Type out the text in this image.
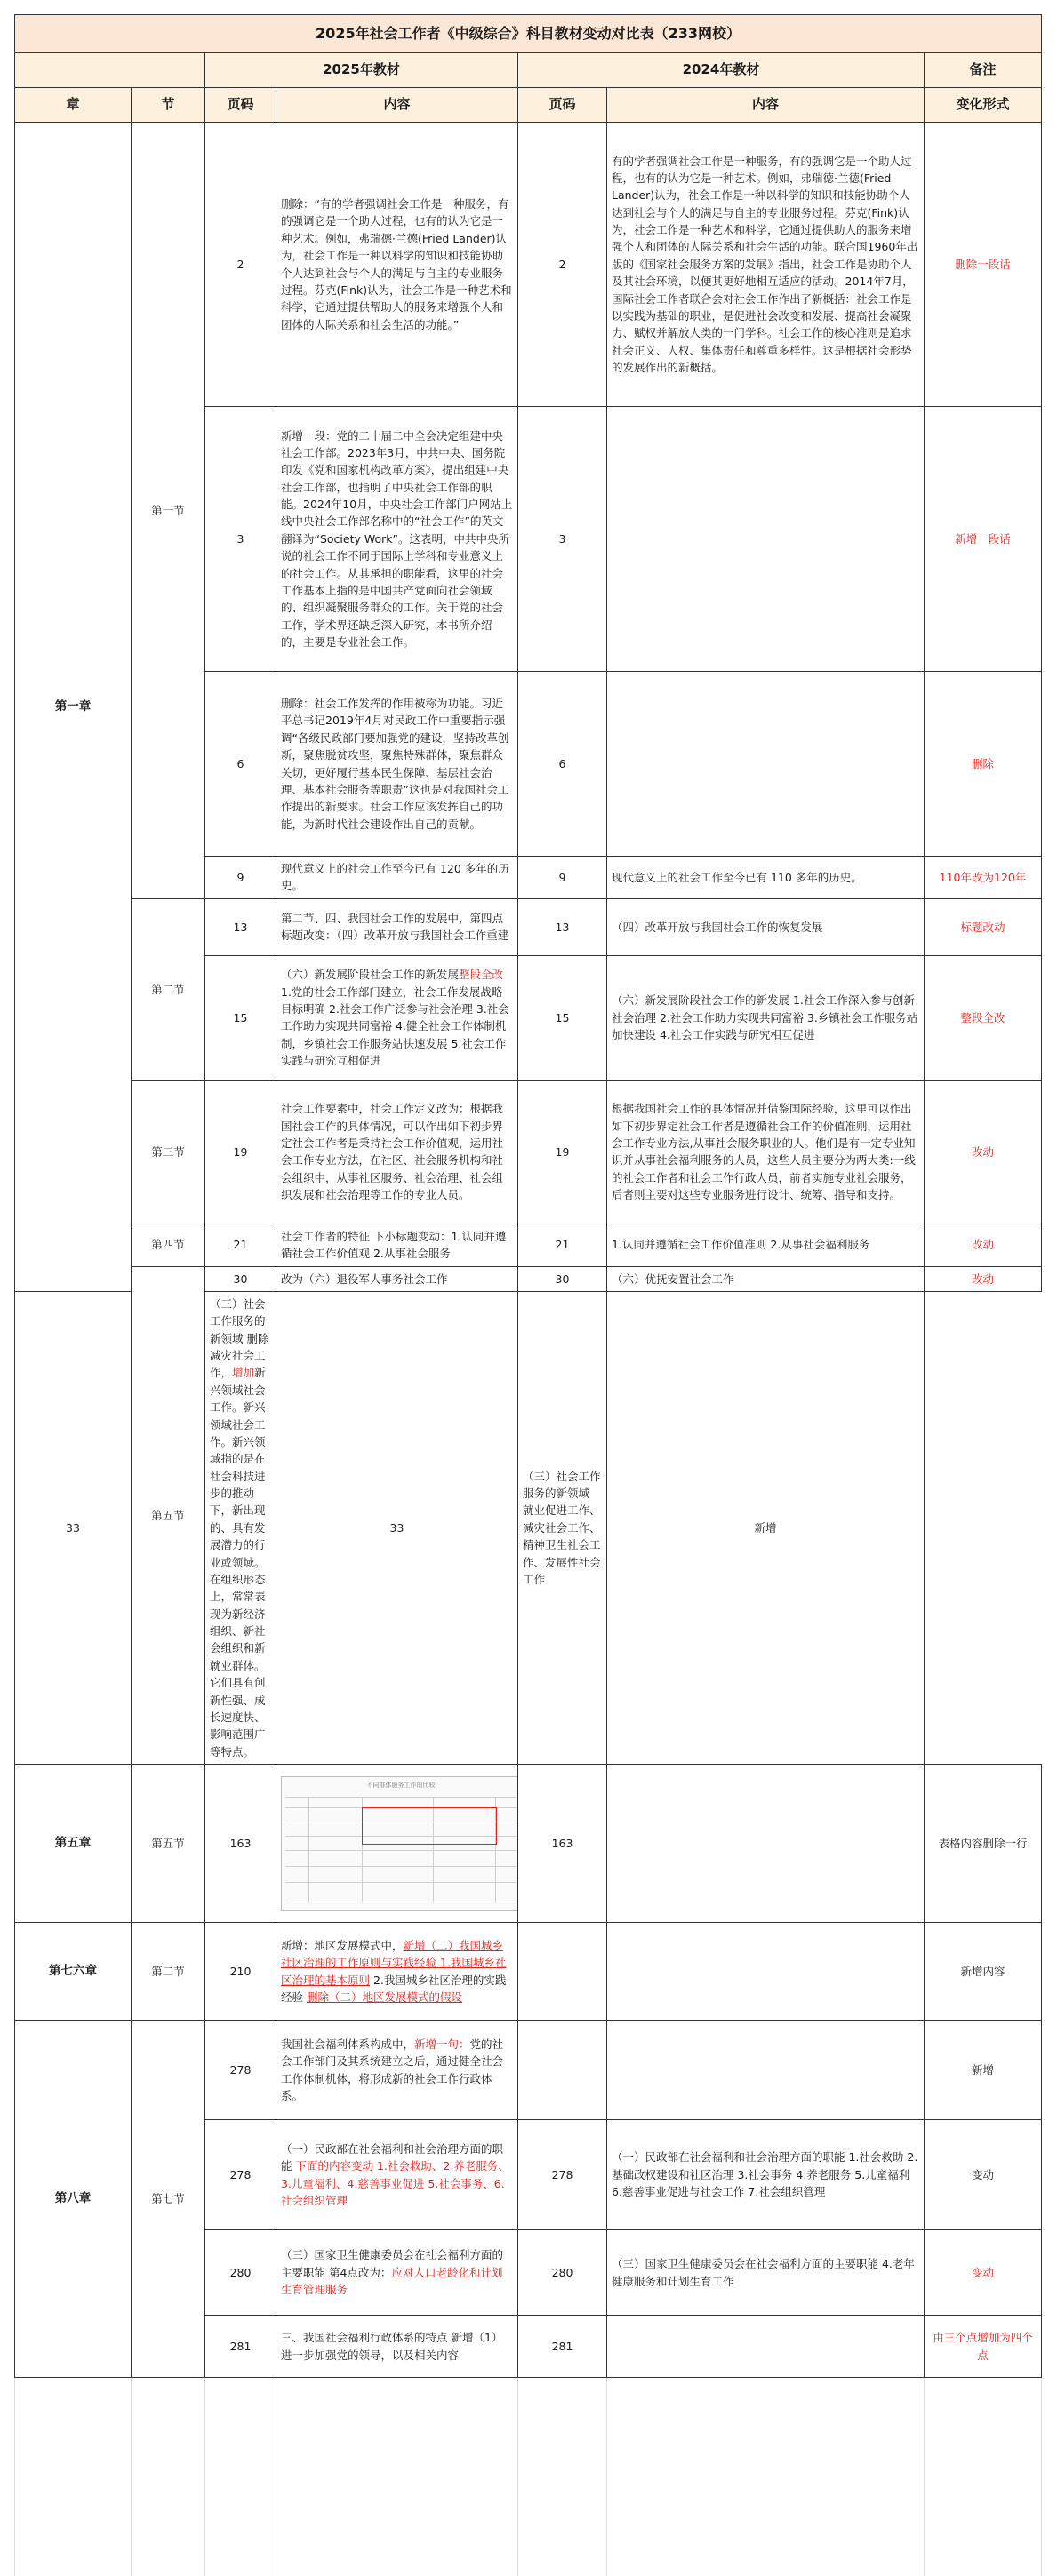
2025年社会工作者《中级综合》科目教材变动对比表（233网校）						
		2025年教材		2024年教材		备注
章	节	页码	内容	页码	内容	变化形式
第一章	第一节	2	删除：“有的学者强调社会工作是一种服务，有的强调它是一个助人过程，也有的认为它是一种艺术。例如，弗瑞德·兰德(Fried Lander)认为，社会工作是一种以科学的知识和技能协助个人达到社会与个人的满足与自主的专业服务过程。芬克(Fink)认为，社会工作是一种艺术和科学，它通过提供帮助人的服务来增强个人和团体的人际关系和社会生活的功能。”	2	有的学者强调社会工作是一种服务，有的强调它是一个助人过程，也有的认为它是一种艺术。例如，弗瑞德·兰德(Fried Lander)认为，社会工作是一种以科学的知识和技能协助个人达到社会与个人的满足与自主的专业服务过程。芬克(Fink)认为，社会工作是一种艺术和科学，它通过提供助人的服务来增强个人和团体的人际关系和社会生活的功能。联合国1960年出版的《国家社会服务方案的发展》指出，社会工作是协助个人及其社会环境，以便其更好地相互适应的活动。2014年7月，国际社会工作者联合会对社会工作作出了新概括：社会工作是以实践为基础的职业，是促进社会改变和发展、提高社会凝聚力、赋权并解放人类的一门学科。社会工作的核心准则是追求社会正义、人权、集体责任和尊重多样性。这是根据社会形势的发展作出的新概括。	删除一段话
		3	新增一段：党的二十届二中全会决定组建中央社会工作部。2023年3月，中共中央、国务院印发《党和国家机构改革方案》，提出组建中央社会工作部，也指明了中央社会工作部的职能。2024年10月，中央社会工作部门户网站上线中央社会工作部名称中的“社会工作”的英文翻译为“Society Work”。这表明，中共中央所说的社会工作不同于国际上学科和专业意义上的社会工作。从其承担的职能看，这里的社会工作基本上指的是中国共产党面向社会领域的、组织凝聚服务群众的工作。关于党的社会工作，学术界还缺乏深入研究，本书所介绍的，主要是专业社会工作。	3		新增一段话
		6	删除：社会工作发挥的作用被称为功能。习近平总书记2019年4月对民政工作中重要指示强调“各级民政部门要加强党的建设，坚持改革创新，聚焦脱贫攻坚，聚焦特殊群体，聚焦群众关切，更好履行基本民生保障、基层社会治理、基本社会服务等职责”这也是对我国社会工作提出的新要求。社会工作应该发挥自己的功能，为新时代社会建设作出自己的贡献。	6		删除
		9	现代意义上的社会工作至今已有 120 多年的历史。	9	现代意义上的社会工作至今已有 110 多年的历史。	110年改为120年
	第二节	13	第二节、四、我国社会工作的发展中，第四点标题改变：（四）改革开放与我国社会工作重建	13	（四）改革开放与我国社会工作的恢复发展	标题改动
		15	（六）新发展阶段社会工作的新发展整段全改 1.党的社会工作部门建立，社会工作发展战略目标明确 2.社会工作广泛参与社会治理 3.社会工作助力实现共同富裕 4.健全社会工作体制机制，乡镇社会工作服务站快速发展 5.社会工作实践与研究互相促进	15	（六）新发展阶段社会工作的新发展 1.社会工作深入参与创新社会治理 2.社会工作助力实现共同富裕 3.乡镇社会工作服务站加快建设 4.社会工作实践与研究相互促进	整段全改
	第三节	19	社会工作要素中，社会工作定义改为：根据我国社会工作的具体情况，可以作出如下初步界定社会工作者是秉持社会工作价值观，运用社会工作专业方法，在社区、社会服务机构和社会组织中，从事社区服务、社会治理、社会组织发展和社会治理等工作的专业人员。	19	根据我国社会工作的具体情况并借鉴国际经验，这里可以作出如下初步界定社会工作者是遵循社会工作的价值准则，运用社会工作专业方法,从事社会服务职业的人。他们是有一定专业知识并从事社会福利服务的人员，这些人员主要分为两大类:一线的社会工作者和社会工作行政人员，前者实施专业社会服务，后者则主要对这些专业服务进行设计、统筹、指导和支持。	改动
	第四节	21	社会工作者的特征 下小标题变动：1.认同并遵循社会工作价值观 2.从事社会服务	21	1.认同并遵循社会工作价值准则 2.从事社会福利服务	改动
	第五节	30	改为（六）退役军人事务社会工作	30	（六）优抚安置社会工作	改动
33		（三）社会工作服务的新领域 删除减灾社会工作，增加新兴领域社会工作。新兴领域社会工作。新兴领域指的是在社会科技进步的推动下，新出现的、具有发展潜力的行业或领域。在组织形态上，常常表现为新经济组织、新社会组织和新就业群体。它们具有创新性强、成长速度快、影响范围广等特点。	33	（三）社会工作服务的新领域 就业促进工作、减灾社会工作、精神卫生社会工作、发展性社会工作	新增	
第五章	第五节	163	不同群体服务工作的比较	163		表格内容删除一行
第七六章	第二节	210	新增：地区发展模式中，新增（二）我国城乡社区治理的工作原则与实践经验 1.我国城乡社区治理的基本原则 2.我国城乡社区治理的实践经验 删除（二）地区发展模式的假设			新增内容
第八章	第七节	278	我国社会福利体系构成中，新增一句：党的社会工作部门及其系统建立之后，通过健全社会工作体制机体，将形成新的社会工作行政体系。			新增
		278	（一）民政部在社会福利和社会治理方面的职能 下面的内容变动 1.社会救助、2.养老服务、3.儿童福利、4.慈善事业促进 5.社会事务、6.社会组织管理	278	（一）民政部在社会福利和社会治理方面的职能 1.社会救助 2.基础政权建设和社区治理 3.社会事务 4.养老服务 5.儿童福利 6.慈善事业促进与社会工作 7.社会组织管理	变动
		280	（三）国家卫生健康委员会在社会福利方面的主要职能 第4点改为：应对人口老龄化和计划生育管理服务	280	（三）国家卫生健康委员会在社会福利方面的主要职能 4.老年健康服务和计划生育工作	变动
		281	三、我国社会福利行政体系的特点 新增（1）进一步加强党的领导，以及相关内容	281		由三个点增加为四个点
